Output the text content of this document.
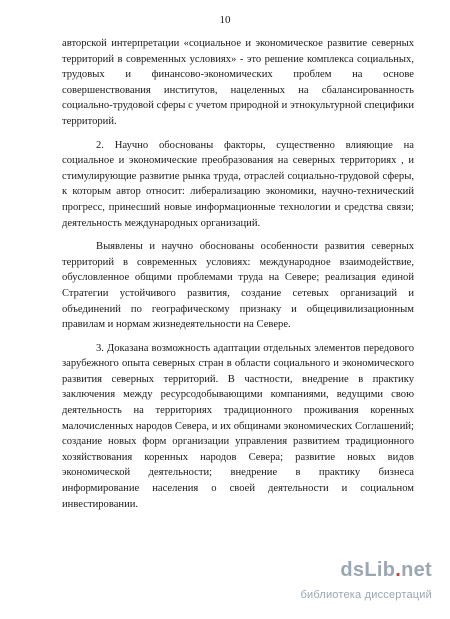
10

авторской интерпретации «социальное и экономическое развитие северных территорий в современных условиях» - это решение комплекса социальных, трудовых и финансово-экономических проблем на основе совершенствования институтов, нацеленных на сбалансированность социально-трудовой сферы с учетом природной и этнокультурной специфики территорий.

2. Научно обоснованы факторы, существенно влияющие на социальное и экономические преобразования на северных территориях , и стимулирующие развитие рынка труда, отраслей социально-трудовой сферы, к которым автор относит: либерализацию экономики, научно-технический прогресс, принесший новые информационные технологии и средства связи; деятельность международных организаций.

Выявлены и научно обоснованы особенности развития северных территорий в современных условиях: международное взаимодействие, обусловленное общими проблемами труда на Севере; реализация единой Стратегии устойчивого развития, создание сетевых организаций и объединений по географическому признаку и общецивилизационным правилам и нормам жизнедеятельности на Севере.

3. Доказана возможность адаптации отдельных элементов передового зарубежного опыта северных стран в области социального и экономического развития северных территорий. В частности, внедрение в практику заключения между ресурсодобывающими компаниями, ведущими свою деятельность на территориях традиционного проживания коренных малочисленных народов Севера, и их общинами экономических Соглашений; создание новых форм организации управления развитием традиционного хозяйствования коренных народов Севера; развитие новых видов экономической деятельности; внедрение в практику бизнеса информирование населения о своей деятельности и социальном инвестировании.

dsLib.net
библиотека диссертаций
